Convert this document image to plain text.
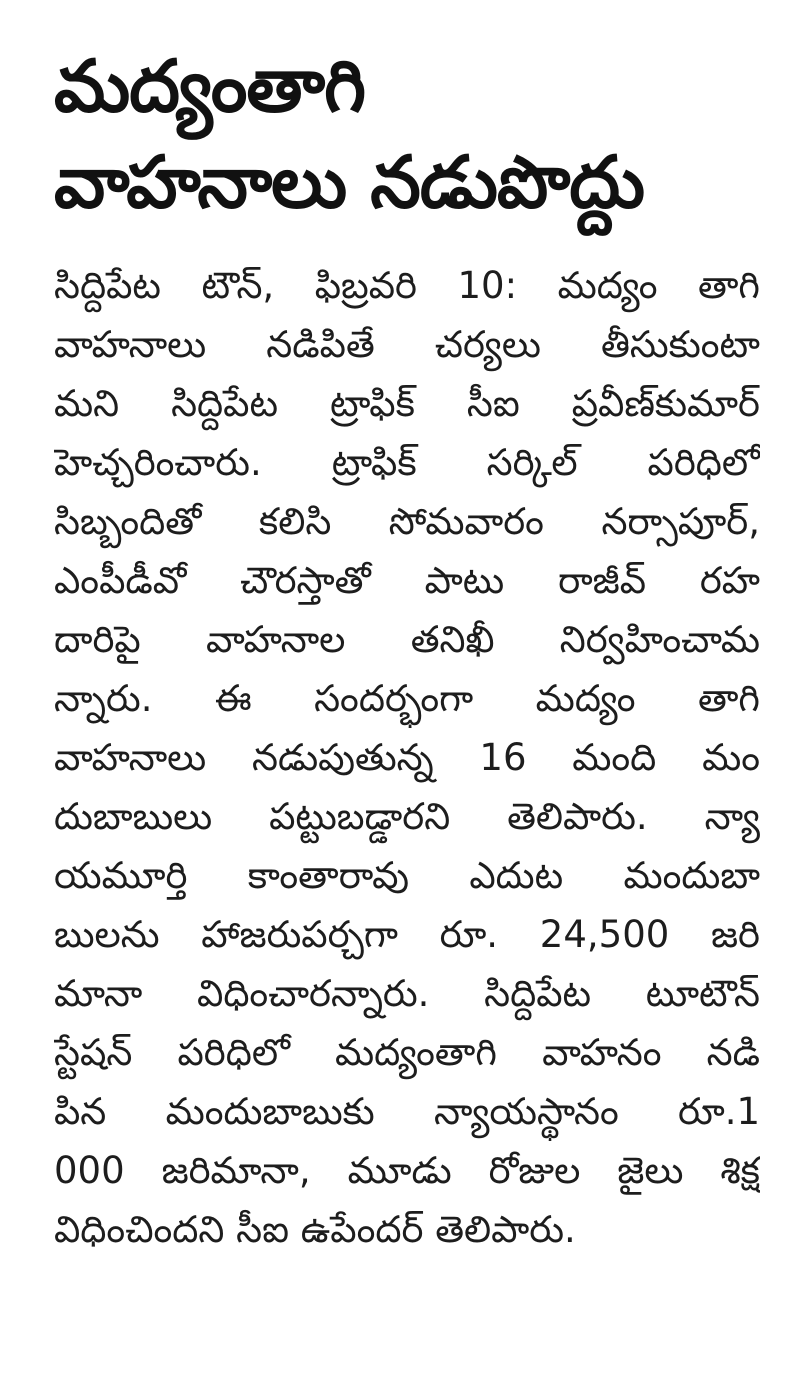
మద్యంతాగి
వాహనాలు నడుపొద్దు
సిద్దిపేట టౌన్, ఫిబ్రవరి 10: మద్యం తాగి
వాహనాలు నడిపితే చర్యలు తీసుకుంటా
మని సిద్దిపేట ట్రాఫిక్ సీఐ ప్రవీణ్‌కుమార్
హెచ్చరించారు. ట్రాఫిక్ సర్కిల్ పరిధిలో
సిబ్బందితో కలిసి సోమవారం నర్సాపూర్,
ఎంపీడీవో చౌరస్తాతో పాటు రాజీవ్ రహ
దారిపై వాహనాల తనిఖీ నిర్వహించామ
న్నారు. ఈ సందర్భంగా మద్యం తాగి
వాహనాలు నడుపుతున్న 16 మంది మం
దుబాబులు పట్టుబడ్డారని తెలిపారు. న్యా
యమూర్తి కాంతారావు ఎదుట మందుబా
బులను హాజరుపర్చగా రూ. 24,500 జరి
మానా విధించారన్నారు. సిద్దిపేట టూటౌన్
స్టేషన్ పరిధిలో మద్యంతాగి వాహనం నడి
పిన మందుబాబుకు న్యాయస్థానం రూ.1
000 జరిమానా, మూడు రోజుల జైలు శిక్ష
విధించిందని సీఐ ఉపేందర్ తెలిపారు.
